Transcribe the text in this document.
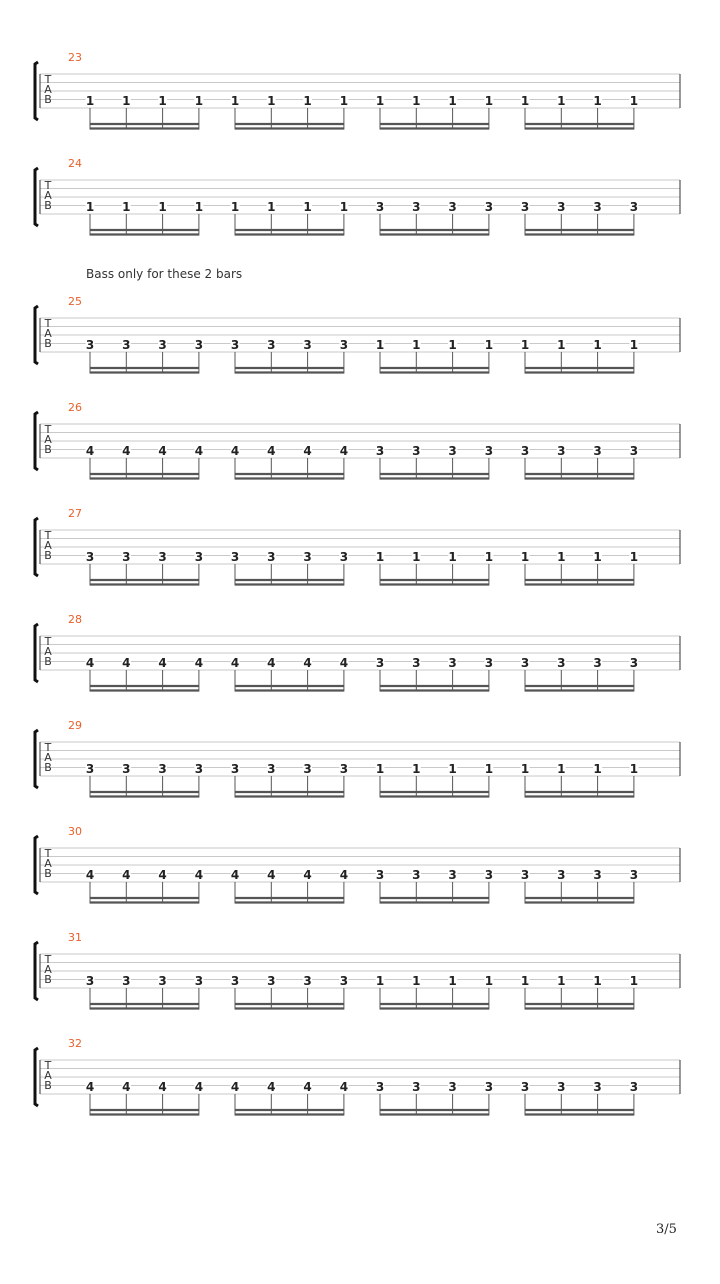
T
A
B
23
1 1 1 1 1 1 1 1 1 1 1 1 1 1 1 1
T
A
B
24
1 1 1 1 1 1 1 1 3 3 3 3 3 3 3 3
T
A
B
25
3 3 3 3 3 3 3 3 1 1 1 1 1 1 1 1
T
A
B
26
4 4 4 4 4 4 4 4 3 3 3 3 3 3 3 3
T
A
B
27
3 3 3 3 3 3 3 3 1 1 1 1 1 1 1 1
T
A
B
28
4 4 4 4 4 4 4 4 3 3 3 3 3 3 3 3
T
A
B
29
3 3 3 3 3 3 3 3 1 1 1 1 1 1 1 1
T
A
B
30
4 4 4 4 4 4 4 4 3 3 3 3 3 3 3 3
T
A
B
31
3 3 3 3 3 3 3 3 1 1 1 1 1 1 1 1
T
A
B
32
4 4 4 4 4 4 4 4 3 3 3 3 3 3 3 3
Bass only for these 2 bars
3/5
